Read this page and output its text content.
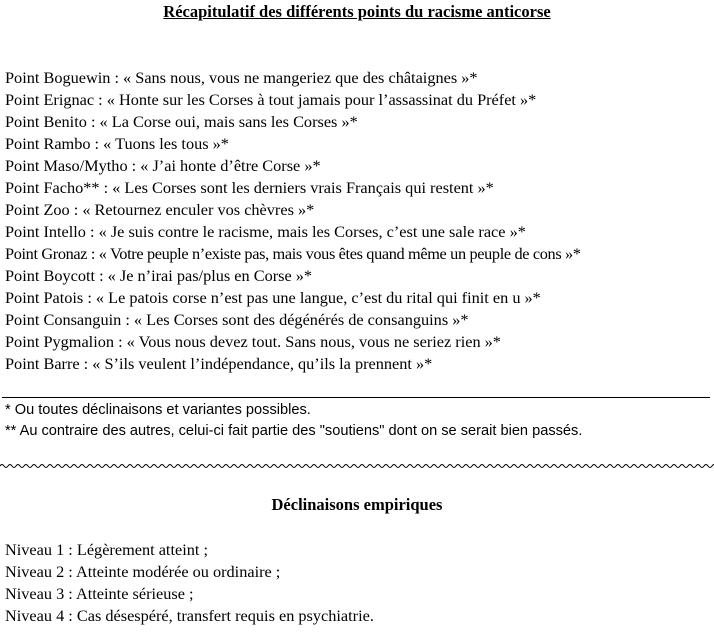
Récapitulatif des différents points du racisme anticorse
Point Boguewin : « Sans nous, vous ne mangeriez que des châtaignes »*
Point Erignac : « Honte sur les Corses à tout jamais pour l’assassinat du Préfet »*
Point Benito : « La Corse oui, mais sans les Corses »*
Point Rambo : « Tuons les tous »*
Point Maso/Mytho : « J’ai honte d’être Corse »*
Point Facho** : « Les Corses sont les derniers vrais Français qui restent »*
Point Zoo : « Retournez enculer vos chèvres »*
Point Intello : « Je suis contre le racisme, mais les Corses, c’est une sale race »*
Point Gronaz : « Votre peuple n’existe pas, mais vous êtes quand même un peuple de cons »*
Point Boycott : « Je n’irai pas/plus en Corse »*
Point Patois : « Le patois corse n’est pas une langue, c’est du rital qui finit en u »*
Point Consanguin : « Les Corses sont des dégénérés de consanguins »*
Point Pygmalion : « Vous nous devez tout. Sans nous, vous ne seriez rien »*
Point Barre : « S’ils veulent l’indépendance, qu’ils la prennent »*
* Ou toutes déclinaisons et variantes possibles.
** Au contraire des autres, celui-ci fait partie des "soutiens" dont on se serait bien passés.
Déclinaisons empiriques
Niveau 1 : Légèrement atteint ;
Niveau 2 : Atteinte modérée ou ordinaire ;
Niveau 3 : Atteinte sérieuse ;
Niveau 4 : Cas désespéré, transfert requis en psychiatrie.
